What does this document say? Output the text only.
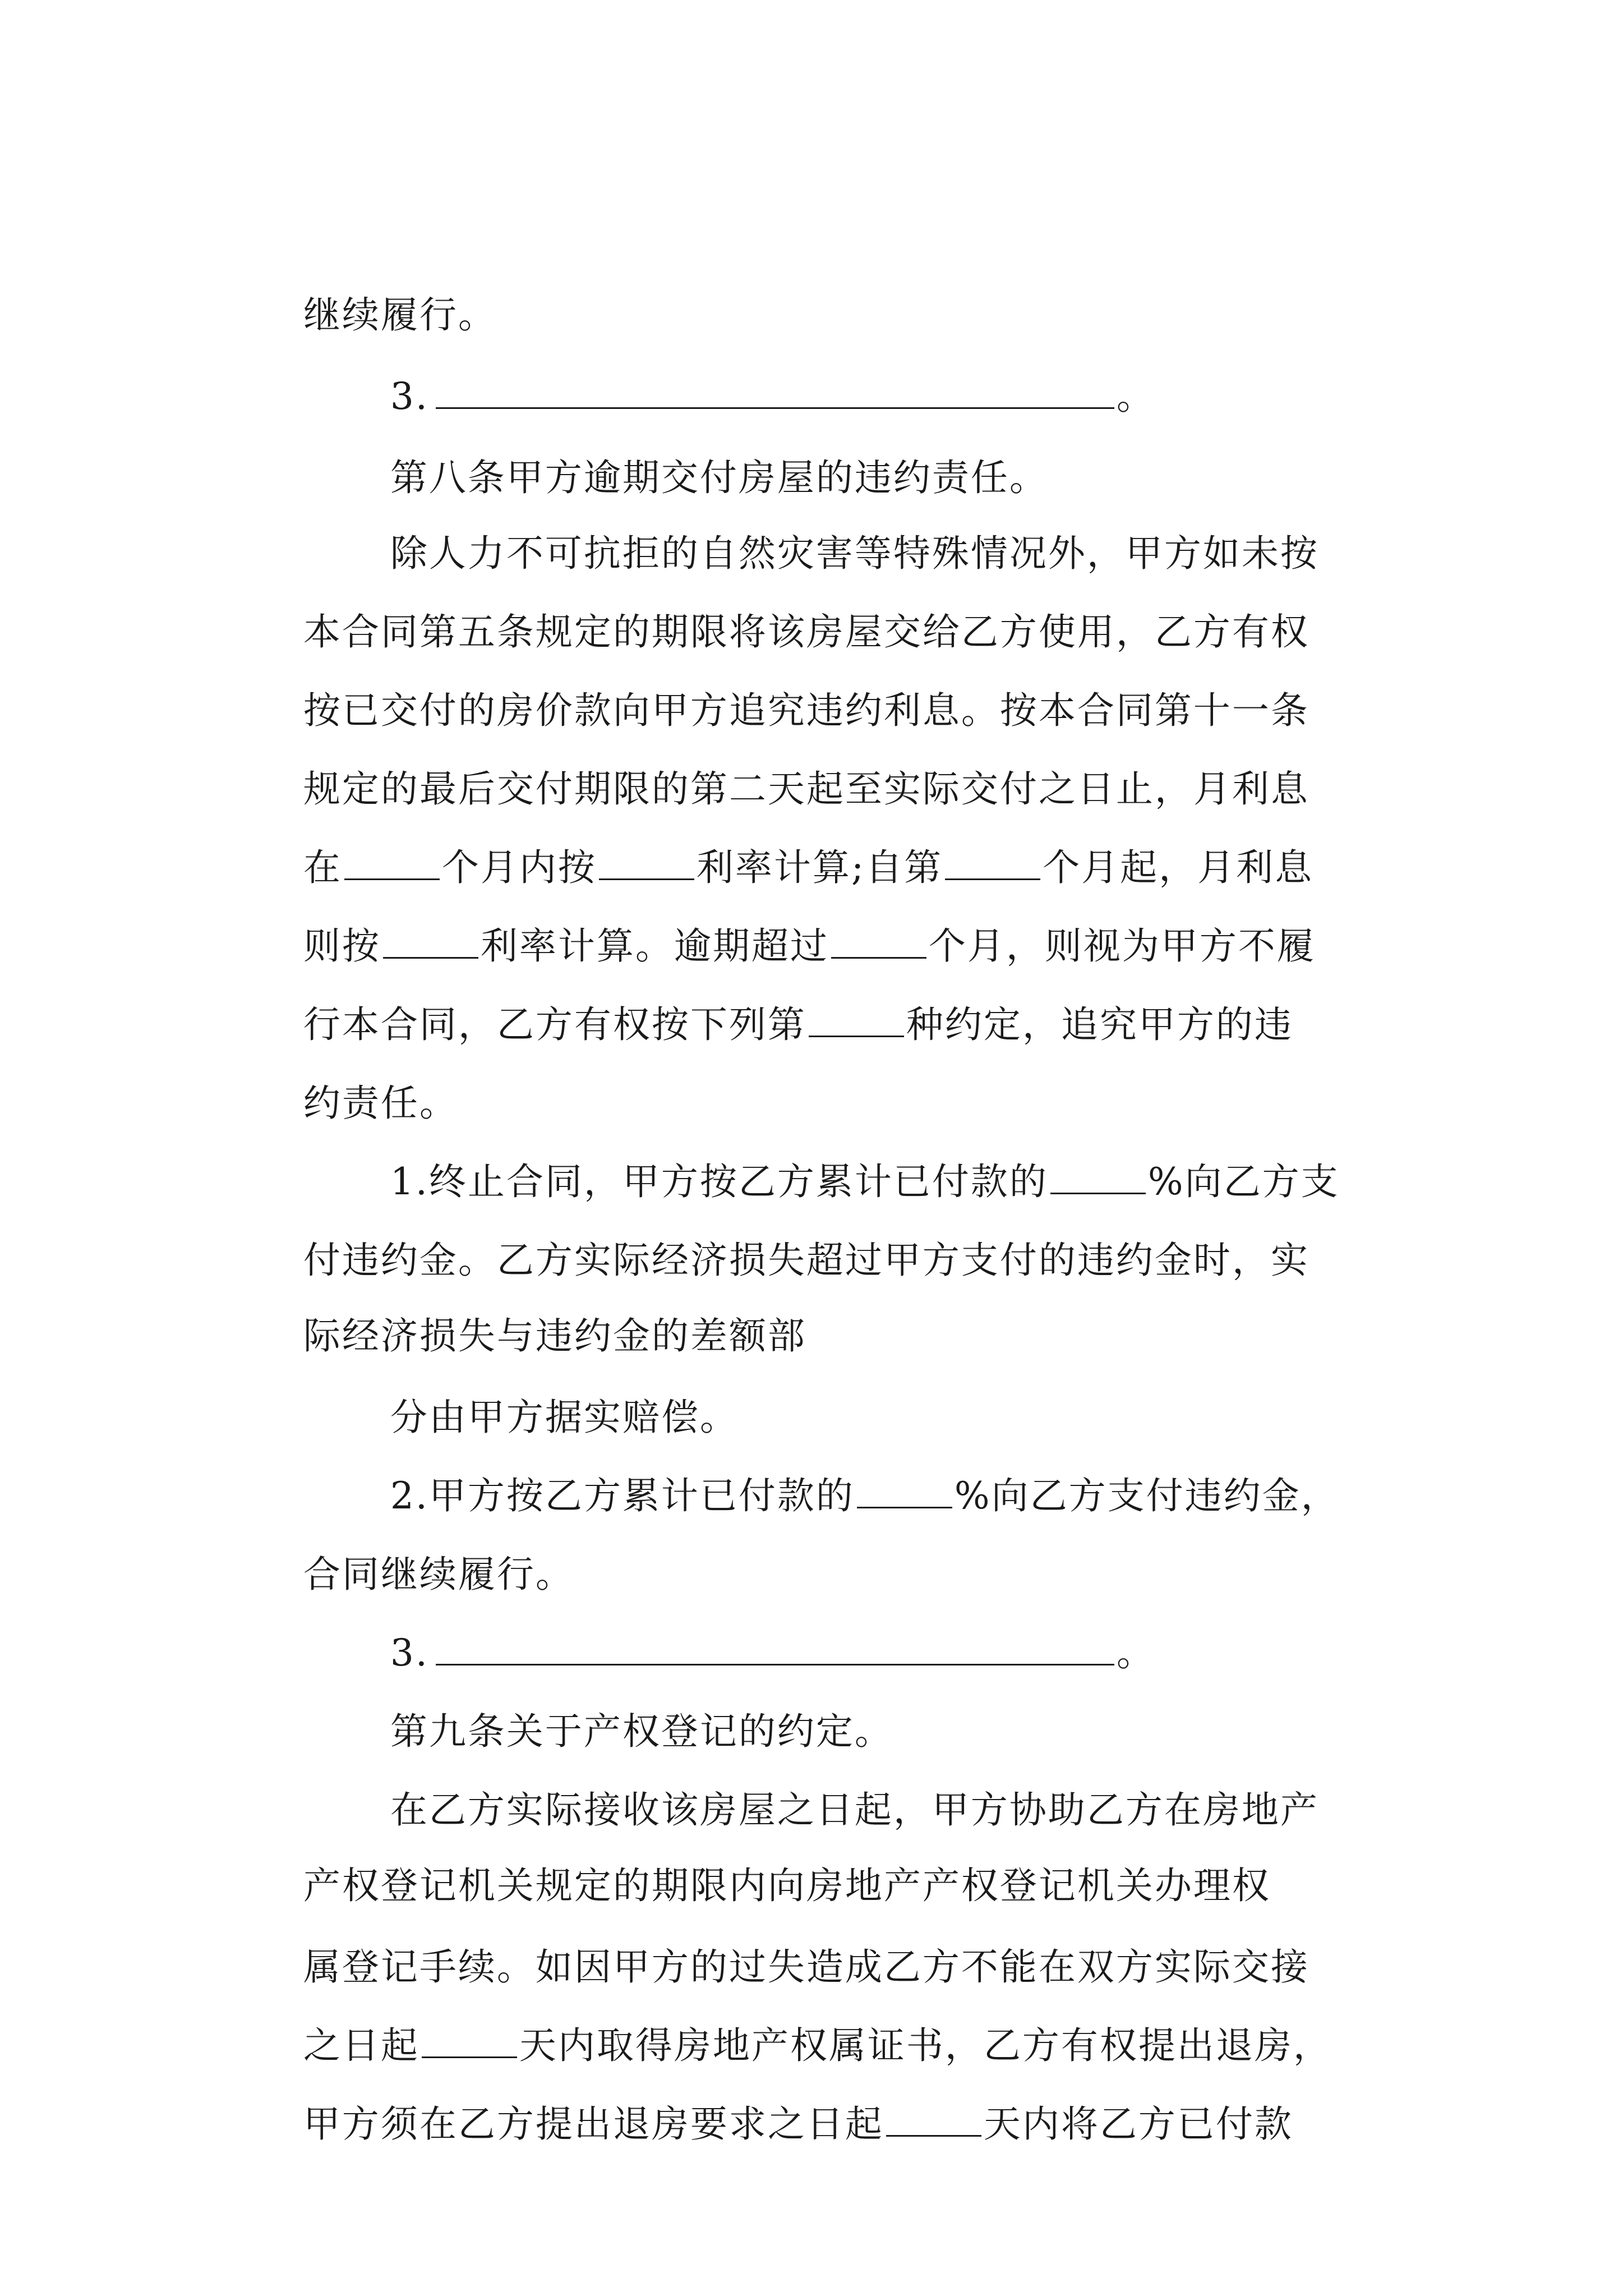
继续履行。

3.	。

第八条甲方逾期交付房屋的违约责任。

除人力不可抗拒的自然灾害等特殊情况外，甲方如未按

本合同第五条规定的期限将该房屋交给乙方使用，乙方有权

按已交付的房价款向甲方追究违约利息。按本合同第十一条

规定的最后交付期限的第二天起至实际交付之日止，月利息

在	个月内按	利率计算;自第	个月起，月利息

则按	利率计算。逾期超过	个月，则视为甲方不履

行本合同，乙方有权按下列第	种约定，追究甲方的违

约责任。

1.终止合同，甲方按乙方累计已付款的	%向乙方支

付违约金。乙方实际经济损失超过甲方支付的违约金时，实

际经济损失与违约金的差额部

分由甲方据实赔偿。

2.甲方按乙方累计已付款的	%向乙方支付违约金，

合同继续履行。

3.	。

第九条关于产权登记的约定。

在乙方实际接收该房屋之日起，甲方协助乙方在房地产

产权登记机关规定的期限内向房地产产权登记机关办理权

属登记手续。如因甲方的过失造成乙方不能在双方实际交接

之日起	天内取得房地产权属证书，乙方有权提出退房，

甲方须在乙方提出退房要求之日起	天内将乙方已付款
